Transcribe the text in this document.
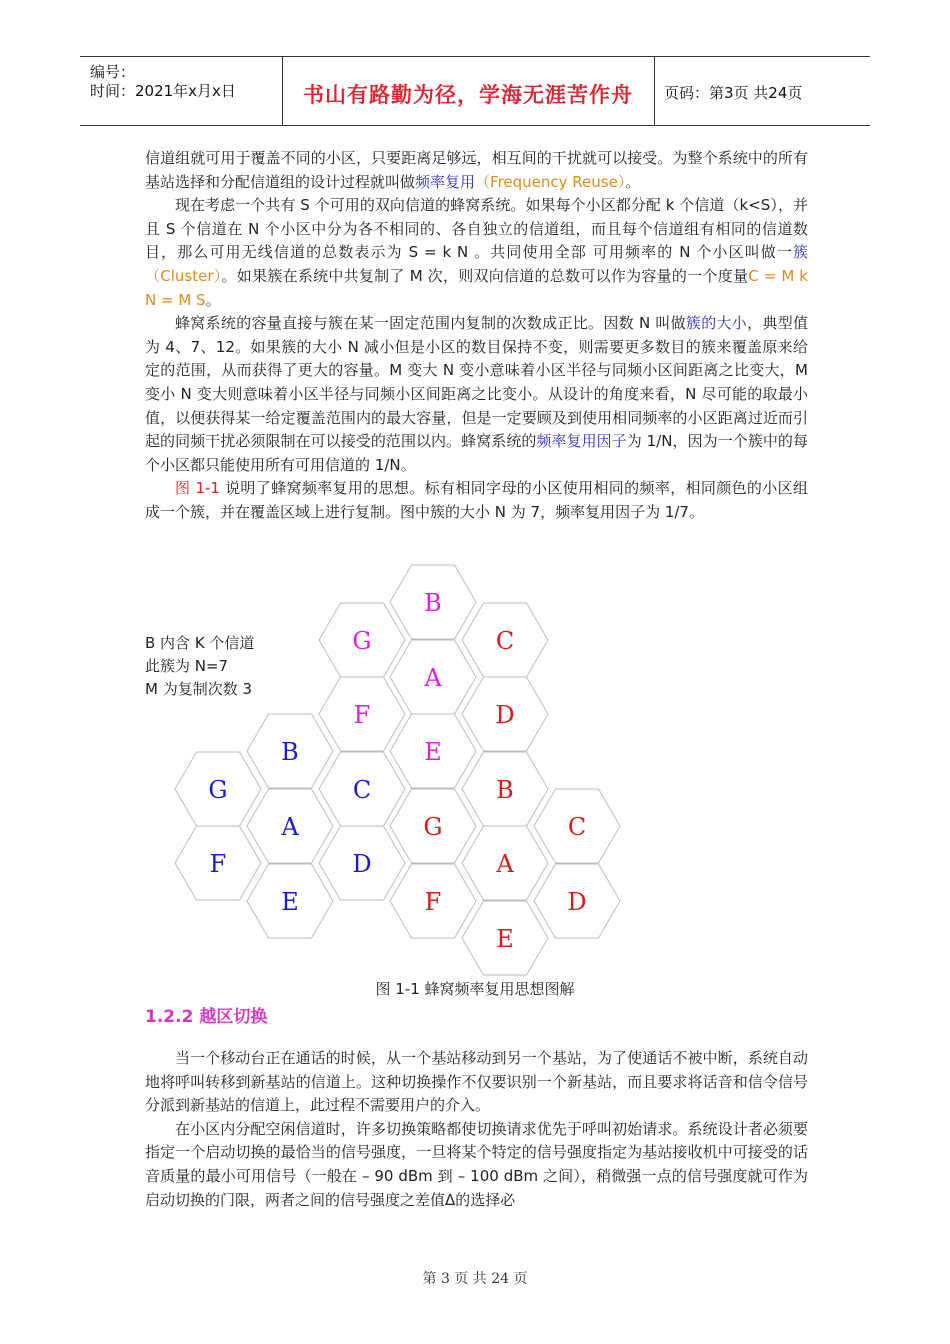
编号：
时间：2021年x月x日	书山有路勤为径，学海无涯苦作舟	页码：第3页 共24页

信道组就可用于覆盖不同的小区，只要距离足够远，相互间的干扰就可以接受。为整个系统中的所有基站选择和分配信道组的设计过程就叫做频率复用（Frequency Reuse）。

现在考虑一个共有 S 个可用的双向信道的蜂窝系统。如果每个小区都分配 k 个信道（k<S），并且 S 个信道在 N 个小区中分为各不相同的、各自独立的信道组，而且每个信道组有相同的信道数目，那么可用无线信道的总数表示为 S = k N 。共同使用全部 可用频率的 N 个小区叫做一簇（Cluster）。如果簇在系统中共复制了 M 次，则双向信道的总数可以作为容量的一个度量C = M k N = M S。

蜂窝系统的容量直接与簇在某一固定范围内复制的次数成正比。因数 N 叫做簇的大小，典型值为 4、7、12。如果簇的大小 N 减小但是小区的数目保持不变，则需要更多数目的簇来覆盖原来给定的范围，从而获得了更大的容量。M 变大 N 变小意味着小区半径与同频小区间距离之比变大，M 变小 N 变大则意味着小区半径与同频小区间距离之比变小。从设计的角度来看，N 尽可能的取最小值，以便获得某一给定覆盖范围内的最大容量，但是一定要顾及到使用相同频率的小区距离过近而引起的同频干扰必须限制在可以接受的范围以内。蜂窝系统的频率复用因子为 1/N，因为一个簇中的每个小区都只能使用所有可用信道的 1/N。

图 1-1 说明了蜂窝频率复用的思想。标有相同字母的小区使用相同的频率，相同颜色的小区组成一个簇，并在覆盖区域上进行复制。图中簇的大小 N 为 7，频率复用因子为 1/7。

B 内含 K 个信道
此簇为 N=7
M 为复制次数 3
B
G	C
A
F	D
B	E
G	C	B
A	G	C
F	D	A
E	F	D
E
图 1-1 蜂窝频率复用思想图解
1.2.2 越区切换

当一个移动台正在通话的时候，从一个基站移动到另一个基站，为了使通话不被中断，系统自动地将呼叫转移到新基站的信道上。这种切换操作不仅要识别一个新基站，而且要求将话音和信令信号分派到新基站的信道上，此过程不需要用户的介入。

在小区内分配空闲信道时，许多切换策略都使切换请求优先于呼叫初始请求。系统设计者必须要指定一个启动切换的最恰当的信号强度，一旦将某个特定的信号强度指定为基站接收机中可接受的话音质量的最小可用信号（一般在 – 90 dBm 到 – 100 dBm 之间），稍微强一点的信号强度就可作为启动切换的门限，两者之间的信号强度之差值Δ的选择必

第 3 页 共 24 页
